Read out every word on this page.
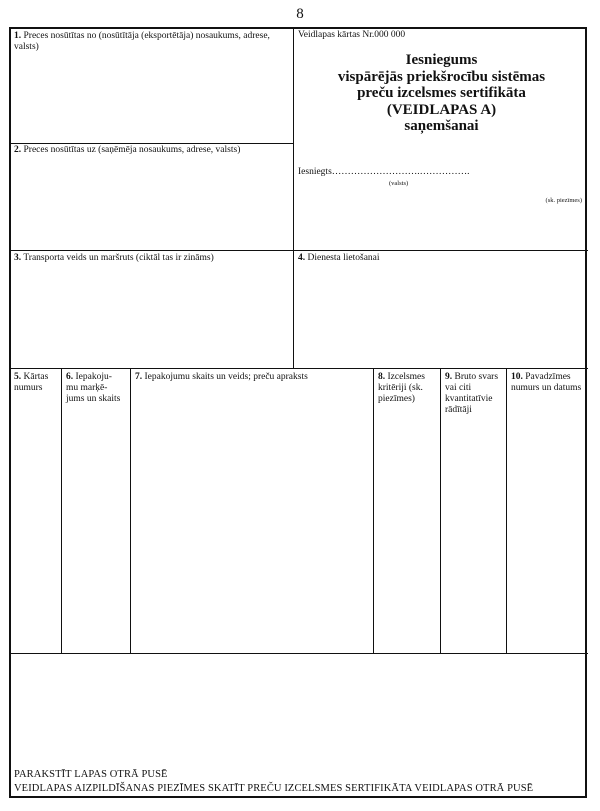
8
1. Preces nosūtītas no (nosūtītāja (eksportētāja) nosaukums, adrese, valsts)
2. Preces nosūtītas uz (saņēmēja nosaukums, adrese, valsts)
3. Transporta veids un maršruts (ciktāl tas ir zināms)	4. Dienesta lietošanai
Veidlapas kārtas Nr.000 000
Iesniegums
vispārējās priekšrocību sistēmas
preču izcelsmes sertifikāta
(VEIDLAPAS A)
saņemšanai
Iesniegts……………………….…………….
(valsts)
(sk. piezīmes)
5. Kārtas numurs
6. Iepakoju-mu marķē-jums un skaits
7. Iepakojumu skaits un veids; preču apraksts	8. Izcelsmes kritēriji (sk. piezīmes)
9. Bruto svars vai citi kvantitatīvie rādītāji
10. Pavadzīmes numurs un datums
PARAKSTĪT LAPAS OTRĀ PUSĒ
VEIDLAPAS AIZPILDĪŠANAS PIEZĪMES SKATĪT PREČU IZCELSMES SERTIFIKĀTA VEIDLAPAS OTRĀ PUSĒ
